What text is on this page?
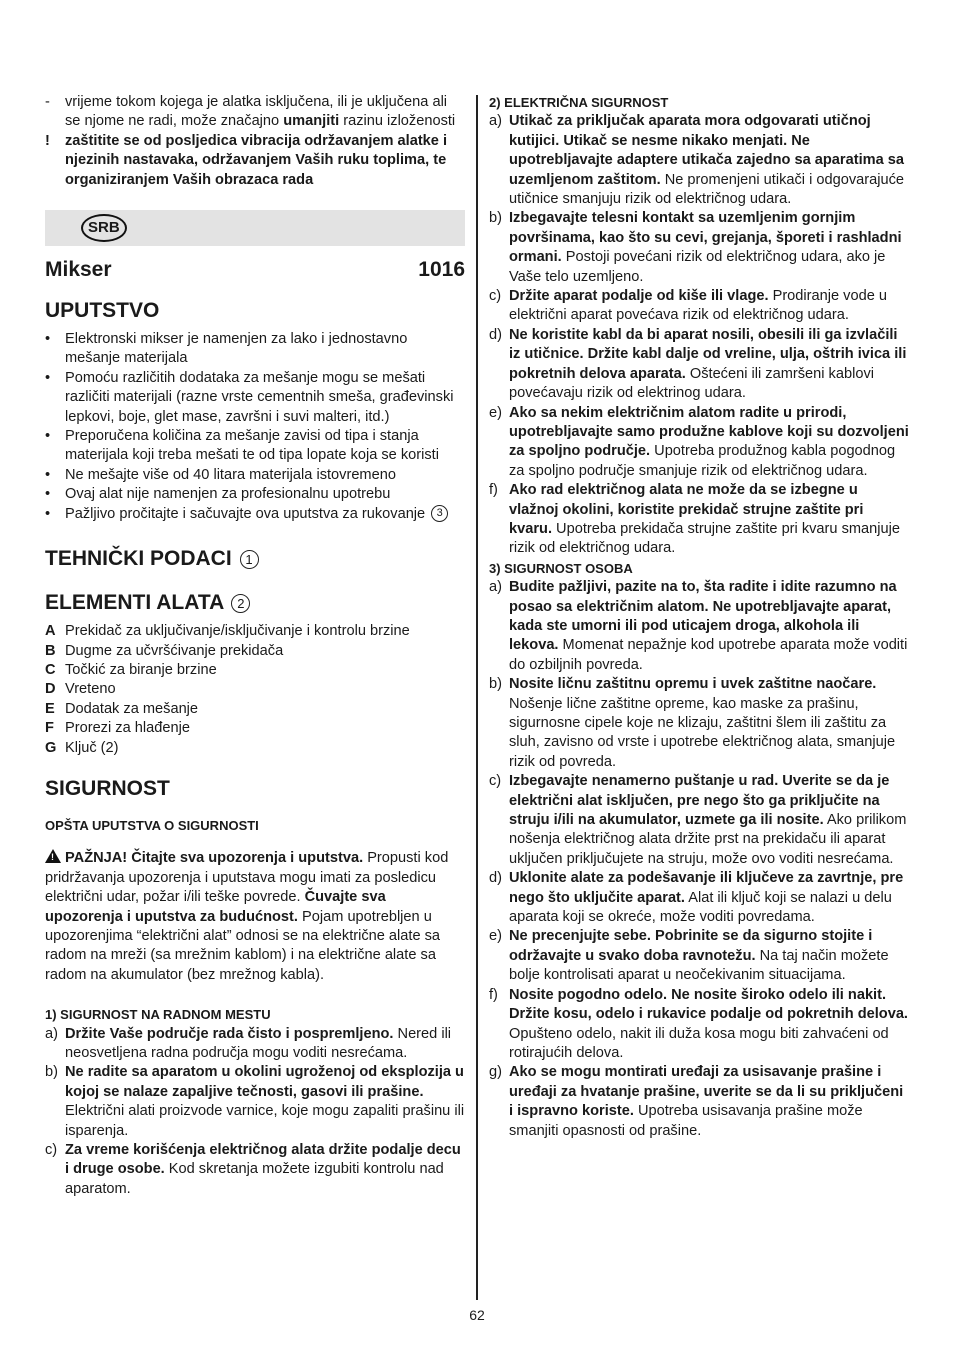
-	vrijeme tokom kojega je alatka isključena, ili je uključena ali se njome ne radi, može značajno umanjiti razinu izloženosti
!	zaštitite se od posljedica vibracija održavanjem alatke i njezinih nastavaka, održavanjem Vaših ruku toplima, te organiziranjem Vaših obrazaca rada
SRB
Mikser	1016
UPUTSTVO
•	Elektronski mikser je namenjen za lako i jednostavno mešanje materijala
•	Pomoću različitih dodataka za mešanje mogu se mešati različiti materijali (razne vrste cementnih smeša, građevinski lepkovi, boje, glet mase, završni i suvi malteri, itd.)
•	Preporučena količina za mešanje zavisi od tipa i stanja materijala koji treba mešati te od tipa lopate koja se koristi
•	Ne mešajte više od 40 litara materijala istovremeno
•	Ovaj alat nije namenjen za profesionalnu upotrebu
•	Pažljivo pročitajte i sačuvajte ova uputstva za rukovanje 3
TEHNIČKI PODACI 1
ELEMENTI ALATA 2
A Prekidač za uključivanje/isključivanje i kontrolu brzine
B Dugme za učvršćivanje prekidača
C Točkić za biranje brzine
D Vreteno
E Dodatak za mešanje
F Prorezi za hlađenje
G Ključ (2)
SIGURNOST

OPŠTA UPUTSTVA O SIGURNOSTI

! PAŽNJA! Čitajte sva upozorenja i uputstva. Propusti kod pridržavanja upozorenja i uputstava mogu imati za posledicu električni udar, požar i/ili teške povrede. Čuvajte sva upozorenja i uputstva za budućnost. Pojam upotrebljen u upozorenjima “električni alat” odnosi se na električne alate sa radom na mreži (sa mrežnim kablom) i na električne alate sa radom na akumulator (bez mrežnog kabla).

1) SIGURNOST NA RADNOM MESTU

a) Držite Vaše područje rada čisto i pospremljeno. Nered ili neosvetljena radna područja mogu voditi nesrećama.
b) Ne radite sa aparatom u okolini ugroženoj od eksplozija u kojoj se nalaze zapaljive tečnosti, gasovi ili prašine. Električni alati proizvode varnice, koje mogu zapaliti prašinu ili isparenja.
c) Za vreme korišćenja električnog alata držite podalje decu i druge osobe. Kod skretanja možete izgubiti kontrolu nad aparatom.

2) ELEKTRIČNA SIGURNOST

a) Utikač za priključak aparata mora odgovarati utičnoj kutijici. Utikač se nesme nikako menjati. Ne upotrebljavajte adaptere utikača zajedno sa aparatima sa uzemljenom zaštitom. Ne promenjeni utikači i odgovarajuće utičnice smanjuju rizik od električnog udara.
b) Izbegavajte telesni kontakt sa uzemljenim gornjim površinama, kao što su cevi, grejanja, šporeti i rashladni ormani. Postoji povećani rizik od električnog udara, ako je Vaše telo uzemljeno.
c) Držite aparat podalje od kiše ili vlage. Prodiranje vode u električni aparat povećava rizik od električnog udara.
d) Ne koristite kabl da bi aparat nosili, obesili ili ga izvlačili iz utičnice. Držite kabl dalje od vreline, ulja, oštrih ivica ili pokretnih delova aparata. Oštećeni ili zamršeni kablovi povećavaju rizik od elektrinog udara.
e) Ako sa nekim električnim alatom radite u prirodi, upotrebljavajte samo produžne kablove koji su dozvoljeni za spoljno područje. Upotreba produžnog kabla pogodnog za spoljno područje smanjuje rizik od električnog udara.
f) Ako rad električnog alata ne može da se izbegne u vlažnoj okolini, koristite prekidač strujne zaštite pri kvaru. Upotreba prekidača strujne zaštite pri kvaru smanjuje rizik od električnog udara.

3) SIGURNOST OSOBA

a) Budite pažljivi, pazite na to, šta radite i idite razumno na posao sa električnim alatom. Ne upotrebljavajte aparat, kada ste umorni ili pod uticajem droga, alkohola ili lekova. Momenat nepažnje kod upotrebe aparata može voditi do ozbiljnih povreda.
b) Nosite ličnu zaštitnu opremu i uvek zaštitne naočare. Nošenje lične zaštitne opreme, kao maske za prašinu, sigurnosne cipele koje ne klizaju, zaštitni šlem ili zaštitu za sluh, zavisno od vrste i upotrebe električnog alata, smanjuje rizik od povreda.
c) Izbegavajte nenamerno puštanje u rad. Uverite se da je električni alat isključen, pre nego što ga priključite na struju i/ili na akumulator, uzmete ga ili nosite. Ako prilikom nošenja električnog alata držite prst na prekidaču ili aparat uključen priključujete na struju, može ovo voditi nesrećama.
d) Uklonite alate za podešavanje ili ključeve za zavrtnje, pre nego što uključite aparat. Alat ili ključ koji se nalazi u delu aparata koji se okreće, može voditi povredama.
e) Ne precenjujte sebe. Pobrinite se da sigurno stojite i održavajte u svako doba ravnotežu. Na taj način možete bolje kontrolisati aparat u neočekivanim situacijama.
f) Nosite pogodno odelo. Ne nosite široko odelo ili nakit. Držite kosu, odelo i rukavice podalje od pokretnih delova. Opušteno odelo, nakit ili duža kosa mogu biti zahvaćeni od rotirajućih delova.
g) Ako se mogu montirati uređaji za usisavanje prašine i uređaji za hvatanje prašine, uverite se da li su priključeni i ispravno koriste. Upotreba usisavanja prašine može smanjiti opasnosti od prašine.
62
